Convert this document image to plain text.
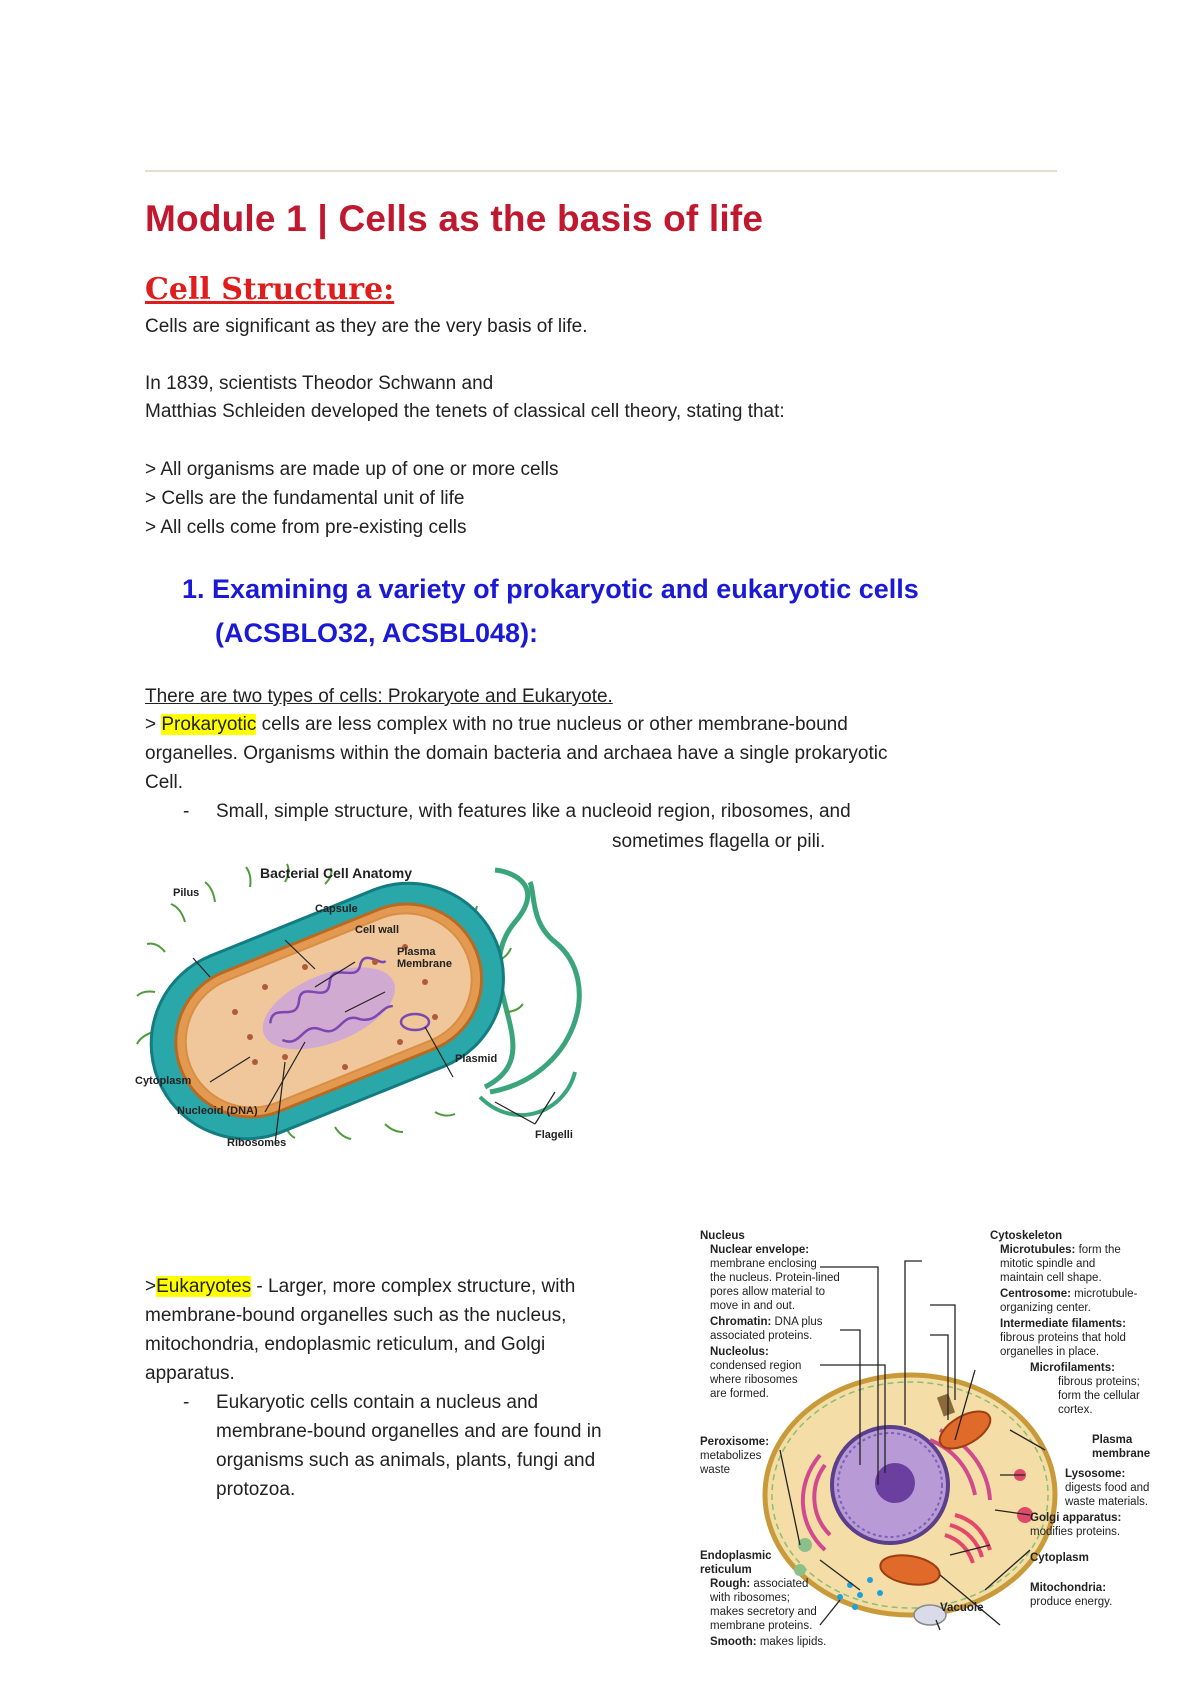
Module 1 | Cells as the basis of life
Cell Structure:
Cells are significant as they are the very basis of life.
In 1839, scientists Theodor Schwann and
Matthias Schleiden developed the tenets of classical cell theory, stating that:
> All organisms are made up of one or more cells
> Cells are the fundamental unit of life
> All cells come from pre-existing cells
1. Examining a variety of prokaryotic and eukaryotic cells
(ACSBLO32, ACSBL048):
There are two types of cells: Prokaryote and Eukaryote.
> Prokaryotic cells are less complex with no true nucleus or other membrane-bound
organelles. Organisms within the domain bacteria and archaea have a single prokaryotic
Cell.
- Small, simple structure, with features like a nucleoid region, ribosomes, and
sometimes flagella or pili.
Bacterial Cell Anatomy
Pilus
Capsule
Cell wall
Plasma
Membrane
Plasmid
Cytoplasm
Nucleoid (DNA)
Ribosomes
Flagelli
>Eukaryotes - Larger, more complex structure, with
membrane-bound organelles such as the nucleus,
mitochondria, endoplasmic reticulum, and Golgi
apparatus.
- Eukaryotic cells contain a nucleus and
membrane-bound organelles and are found in
organisms such as animals, plants, fungi and
protozoa.
Nucleus
Nuclear envelope:
membrane enclosing
the nucleus. Protein-lined
pores allow material to
move in and out.
Chromatin: DNA plus
associated proteins.
Nucleolus:
condensed region
where ribosomes
are formed.
Peroxisome:
metabolizes
waste
Endoplasmic
reticulum
Rough: associated
with ribosomes;
makes secretory and
membrane proteins.
Smooth: makes lipids.
Cytoskeleton
Microtubules: form the
mitotic spindle and
maintain cell shape.
Centrosome: microtubule-
organizing center.
Intermediate filaments:
fibrous proteins that hold
organelles in place.
Microfilaments:
fibrous proteins;
form the cellular
cortex.
Plasma
membrane
Lysosome:
digests food and
waste materials.
Golgi apparatus:
modifies proteins.
Cytoplasm
Mitochondria:
produce energy.
Vacuole
